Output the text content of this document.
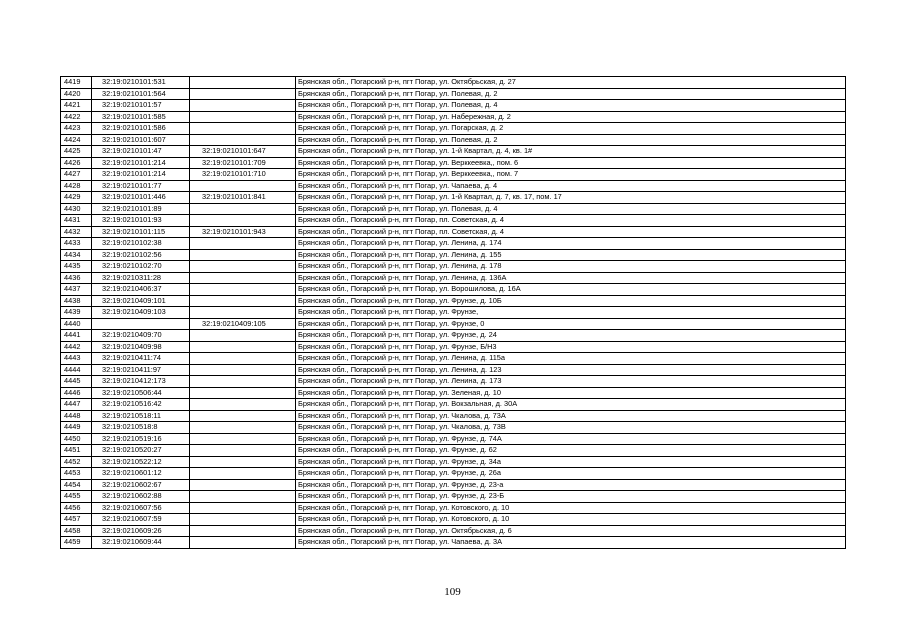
4419	32:19:0210101:531		Брянская обл., Погарский р-н, пгт Погар, ул. Октябрьская, д. 27
4420	32:19:0210101:564		Брянская обл., Погарский р-н, пгт Погар, ул. Полевая, д. 2
4421	32:19:0210101:57		Брянская обл., Погарский р-н, пгт Погар, ул. Полевая, д. 4
4422	32:19:0210101:585		Брянская обл., Погарский р-н, пгт Погар, ул. Набережная, д. 2
4423	32:19:0210101:586		Брянская обл., Погарский р-н, пгт Погар, ул. Погарская, д. 2
4424	32:19:0210101:607		Брянская обл., Погарский р-н, пгт Погар, ул. Полевая, д. 2
4425	32:19:0210101:47	32:19:0210101:647	Брянская обл., Погарский р-н, пгт Погар, ул. 1-й Квартал, д. 4, кв. 1#
4426	32:19:0210101:214	32:19:0210101:709	Брянская обл., Погарский р-н, пгт Погар, ул. Верккеевка,, пом. 6
4427	32:19:0210101:214	32:19:0210101:710	Брянская обл., Погарский р-н, пгт Погар, ул. Верккеевка,, пом. 7
4428	32:19:0210101:77		Брянская обл., Погарский р-н, пгт Погар, ул. Чапаева, д. 4
4429	32:19:0210101:446	32:19:0210101:841	Брянская обл., Погарский р-н, пгт Погар, ул. 1-й Квартал, д. 7, кв. 17, пом. 17
4430	32:19:0210101:89		Брянская обл., Погарский р-н, пгт Погар, ул. Полевая, д. 4
4431	32:19:0210101:93		Брянская обл., Погарский р-н, пгт Погар, пл. Советская, д. 4
4432	32:19:0210101:115	32:19:0210101:943	Брянская обл., Погарский р-н, пгт Погар, пл. Советская, д. 4
4433	32:19:0210102:38		Брянская обл., Погарский р-н, пгт Погар, ул. Ленина, д. 174
4434	32:19:0210102:56		Брянская обл., Погарский р-н, пгт Погар, ул. Ленина, д. 155
4435	32:19:0210102:70		Брянская обл., Погарский р-н, пгт Погар, ул. Ленина, д. 178
4436	32:19:0210311:28		Брянская обл., Погарский р-н, пгт Погар, ул. Ленина, д. 136А
4437	32:19:0210406:37		Брянская обл., Погарский р-н, пгт Погар, ул. Ворошилова, д. 16А
4438	32:19:0210409:101		Брянская обл., Погарский р-н, пгт Погар, ул. Фрунзе, д. 10Б
4439	32:19:0210409:103		Брянская обл., Погарский р-н, пгт Погар, ул. Фрунзе,
4440		32:19:0210409:105	Брянская обл., Погарский р-н, пгт Погар, ул. Фрунзе, 0
4441	32:19:0210409:70		Брянская обл., Погарский р-н, пгт Погар, ул. Фрунзе, д. 24
4442	32:19:0210409:98		Брянская обл., Погарский р-н, пгт Погар, ул. Фрунзе, Б/Н3
4443	32:19:0210411:74		Брянская обл., Погарский р-н, пгт Погар, ул. Ленина, д. 115а
4444	32:19:0210411:97		Брянская обл., Погарский р-н, пгт Погар, ул. Ленина, д. 123
4445	32:19:0210412:173		Брянская обл., Погарский р-н, пгт Погар, ул. Ленина, д. 173
4446	32:19:0210506:44		Брянская обл., Погарский р-н, пгт Погар, ул. Зеленая, д. 10
4447	32:19:0210516:42		Брянская обл., Погарский р-н, пгт Погар, ул. Вокзальная, д. 30А
4448	32:19:0210518:11		Брянская обл., Погарский р-н, пгт Погар, ул. Чкалова, д. 73А
4449	32:19:0210518:8		Брянская обл., Погарский р-н, пгт Погар, ул. Чкалова, д. 73В
4450	32:19:0210519:16		Брянская обл., Погарский р-н, пгт Погар, ул. Фрунзе, д. 74А
4451	32:19:0210520:27		Брянская обл., Погарский р-н, пгт Погар, ул. Фрунзе, д. 62
4452	32:19:0210522:12		Брянская обл., Погарский р-н, пгт Погар, ул. Фрунзе, д. 34а
4453	32:19:0210601:12		Брянская обл., Погарский р-н, пгт Погар, ул. Фрунзе, д. 26а
4454	32:19:0210602:67		Брянская обл., Погарский р-н, пгт Погар, ул. Фрунзе, д. 23-а
4455	32:19:0210602:88		Брянская обл., Погарский р-н, пгт Погар, ул. Фрунзе, д. 23-Б
4456	32:19:0210607:56		Брянская обл., Погарский р-н, пгт Погар, ул. Котовского, д. 10
4457	32:19:0210607:59		Брянская обл., Погарский р-н, пгт Погар, ул. Котовского, д. 10
4458	32:19:0210609:26		Брянская обл., Погарский р-н, пгт Погар, ул. Октябрьская, д. 6
4459	32:19:0210609:44		Брянская обл., Погарский р-н, пгт Погар, ул. Чапаева, д. 3А
109
